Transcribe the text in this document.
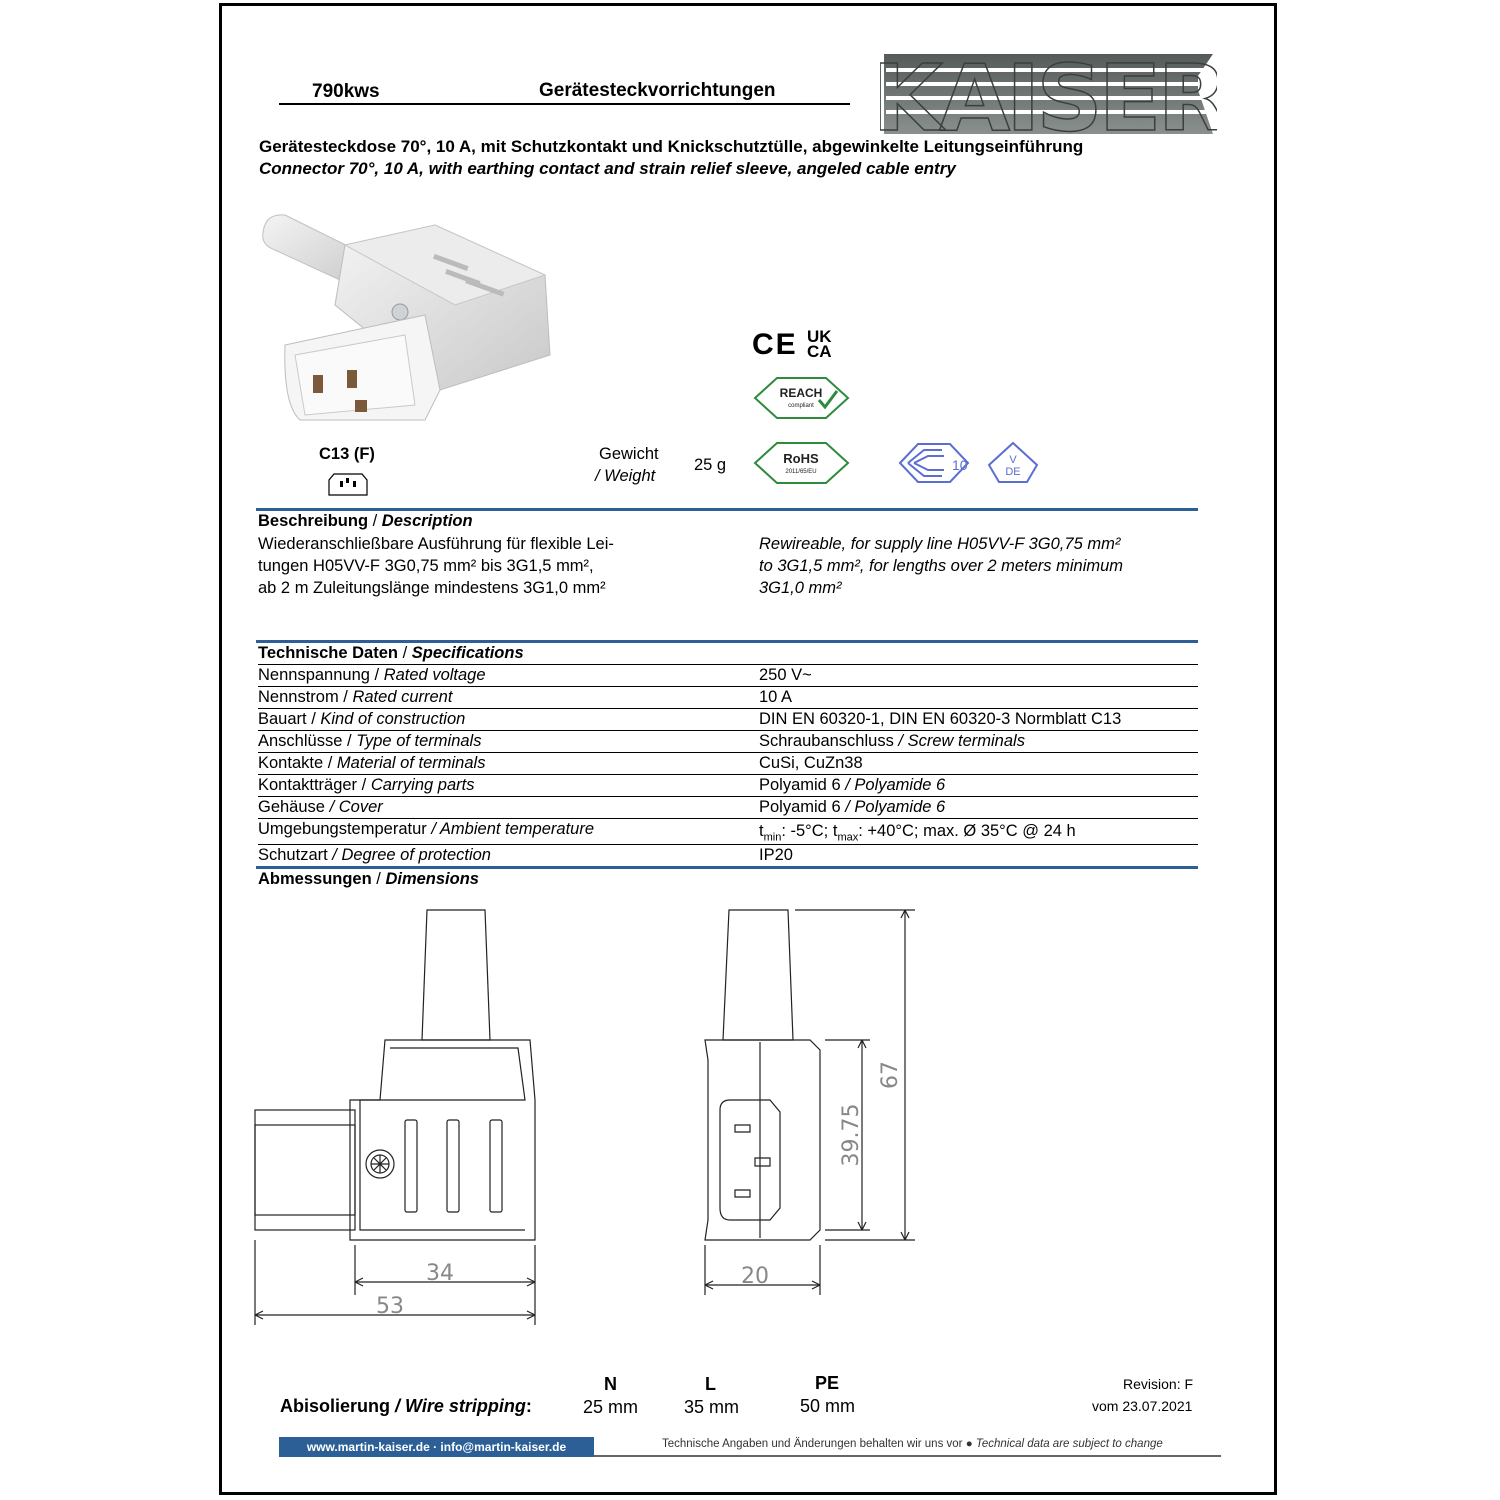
790kws	Gerätesteckvorrichtungen KAISER
Gerätesteckdose 70°, 10 A, mit Schutzkontakt und Knickschutztülle, abgewinkelte Leitungseinführung
Connector 70°, 10 A, with earthing contact and strain relief sleeve, angeled cable entry
C13 (F)	Gewicht
/ Weight
25 g
CE UK
CA
REACH
compliant
RoHS
2011/65/EU	10	V
DE
Beschreibung / Description
Wiederanschließbare Ausführung für flexible Lei-
tungen H05VV-F 3G0,75 mm² bis 3G1,5 mm²,
ab 2 m Zuleitungslänge mindestens 3G1,0 mm²
Rewireable, for supply line H05VV-F 3G0,75 mm²
to 3G1,5 mm², for lengths over 2 meters minimum
3G1,0 mm²
Technische Daten / Specifications
Nennspannung / Rated voltage	250 V~
Nennstrom / Rated current	10 A
Bauart / Kind of construction	DIN EN 60320-1, DIN EN 60320-3 Normblatt C13
Anschlüsse / Type of terminals	Schraubanschluss / Screw terminals
Kontakte / Material of terminals	CuSi, CuZn38
Kontaktträger / Carrying parts	Polyamid 6 / Polyamide 6
Gehäuse / Cover	Polyamid 6 / Polyamide 6
Umgebungstemperatur / Ambient temperature	$t_{min}$: -5°C; $t_{max}$: +40°C; max. Ø 35°C @ 24 h
Schutzart / Degree of protection	IP20
Abmessungen / Dimensions
34
53
20
39.75
67
Abisolierung / Wire stripping:
N
25 mm
L
35 mm
PE
50 mm
Revision: F
vom 23.07.2021
www.martin-kaiser.de · info@martin-kaiser.de	Technische Angaben und Änderungen behalten wir uns vor ● Technical data are subject to change
